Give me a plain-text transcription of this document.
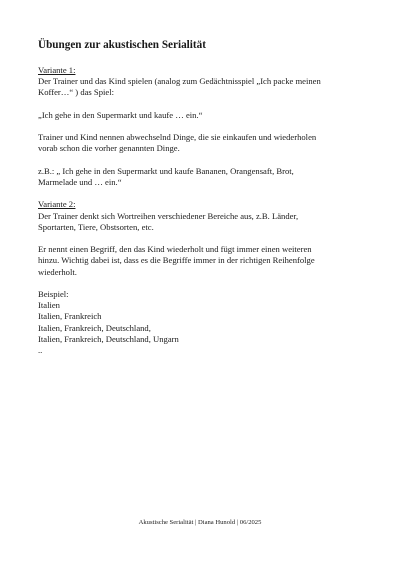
Übungen zur akustischen Serialität
Variante 1:
Der Trainer und das Kind spielen (analog zum Gedächtnisspiel „Ich packe meinen
Koffer…“ ) das Spiel:
„Ich gehe in den Supermarkt und kaufe … ein.“
Trainer und Kind nennen abwechselnd Dinge, die sie einkaufen und wiederholen
vorab schon die vorher genannten Dinge.
z.B.: „ Ich gehe in den Supermarkt und kaufe Bananen, Orangensaft, Brot,
Marmelade und … ein.“
Variante 2:
Der Trainer denkt sich Wortreihen verschiedener Bereiche aus, z.B. Länder,
Sportarten, Tiere, Obstsorten, etc.
Er nennt einen Begriff, den das Kind wiederholt und fügt immer einen weiteren
hinzu. Wichtig dabei ist, dass es die Begriffe immer in der richtigen Reihenfolge
wiederholt.
Beispiel:
Italien
Italien, Frankreich
Italien, Frankreich, Deutschland,
Italien, Frankreich, Deutschland, Ungarn
..
Akustische Serialität | Diana Hunold | 06/2025
